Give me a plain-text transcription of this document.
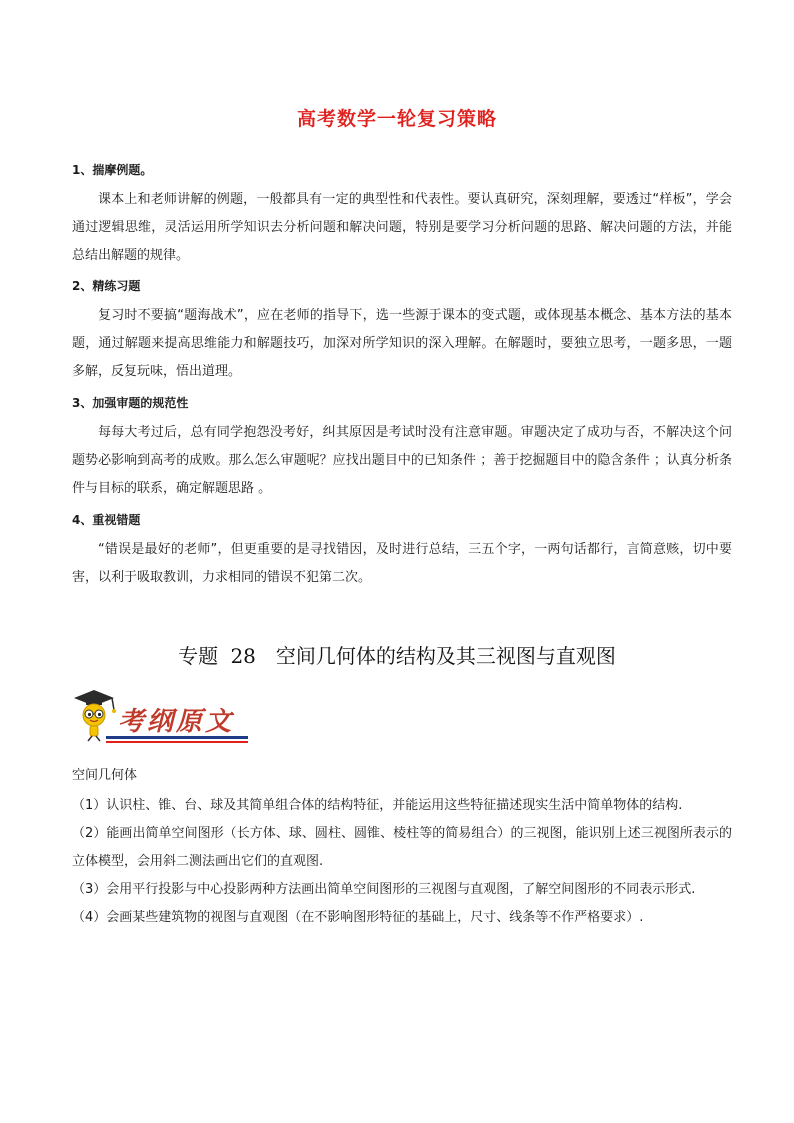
高考数学一轮复习策略

1、揣摩例题。

课本上和老师讲解的例题，一般都具有一定的典型性和代表性。要认真研究，深刻理解，要透过“样板”，学会通过逻辑思维，灵活运用所学知识去分析问题和解决问题，特别是要学习分析问题的思路、解决问题的方法，并能总结出解题的规律。

2、精练习题

复习时不要搞“题海战术”，应在老师的指导下，选一些源于课本的变式题，或体现基本概念、基本方法的基本题，通过解题来提高思维能力和解题技巧，加深对所学知识的深入理解。在解题时，要独立思考，一题多思，一题多解，反复玩味，悟出道理。

3、加强审题的规范性

每每大考过后，总有同学抱怨没考好，纠其原因是考试时没有注意审题。审题决定了成功与否，不解决这个问题势必影响到高考的成败。那么怎么审题呢？应找出题目中的已知条件 ；善于挖掘题目中的隐含条件 ；认真分析条件与目标的联系，确定解题思路 。

4、重视错题

“错误是最好的老师”，但更重要的是寻找错因，及时进行总结，三五个字，一两句话都行，言简意赅，切中要害，以利于吸取教训，力求相同的错误不犯第二次。

专题 28　空间几何体的结构及其三视图与直观图
考纲原文

空间几何体

（1）认识柱、锥、台、球及其简单组合体的结构特征，并能运用这些特征描述现实生活中简单物体的结构.

（2）能画出简单空间图形（长方体、球、圆柱、圆锥、棱柱等的简易组合）的三视图，能识别上述三视图所表示的立体模型，会用斜二测法画出它们的直观图.

（3）会用平行投影与中心投影两种方法画出简单空间图形的三视图与直观图，了解空间图形的不同表示形式.

（4）会画某些建筑物的视图与直观图（在不影响图形特征的基础上，尺寸、线条等不作严格要求）.
